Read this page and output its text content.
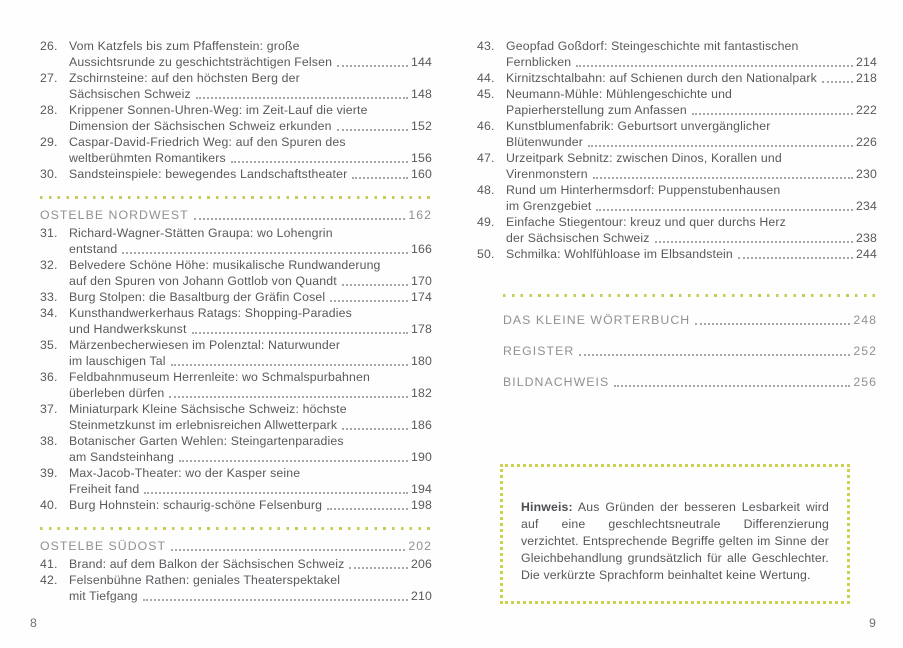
26. Vom Katzfels bis zum Pfaffenstein: große
Aussichtsrunde zu geschichtsträchtigen Felsen	144
27. Zschirnsteine: auf den höchsten Berg der
Sächsischen Schweiz	148
28. Krippener Sonnen-Uhren-Weg: im Zeit-Lauf die vierte
Dimension der Sächsischen Schweiz erkunden	152
29. Caspar-David-Friedrich Weg: auf den Spuren des
weltberühmten Romantikers	156
30. Sandsteinspiele: bewegendes Landschaftstheater	160
OSTELBE NORDWEST	162
31. Richard-Wagner-Stätten Graupa: wo Lohengrin
entstand	166
32. Belvedere Schöne Höhe: musikalische Rundwanderung
auf den Spuren von Johann Gottlob von Quandt	170
33. Burg Stolpen: die Basaltburg der Gräfin Cosel	174
34. Kunsthandwerkerhaus Ratags: Shopping-Paradies
und Handwerkskunst	178
35. Märzenbecherwiesen im Polenztal: Naturwunder
im lauschigen Tal	180
36. Feldbahnmuseum Herrenleite: wo Schmalspurbahnen
überleben dürfen	182
37. Miniaturpark Kleine Sächsische Schweiz: höchste
Steinmetzkunst im erlebnisreichen Allwetterpark	186
38. Botanischer Garten Wehlen: Steingartenparadies
am Sandsteinhang	190
39. Max-Jacob-Theater: wo der Kasper seine
Freiheit fand	194
40. Burg Hohnstein: schaurig-schöne Felsenburg	198
OSTELBE SÜDOST	202
41. Brand: auf dem Balkon der Sächsischen Schweiz	206
42. Felsenbühne Rathen: geniales Theaterspektakel
mit Tiefgang	210
43. Geopfad Goßdorf: Steingeschichte mit fantastischen
Fernblicken	214
44. Kirnitzschtalbahn: auf Schienen durch den Nationalpark	218
45. Neumann-Mühle: Mühlengeschichte und
Papierherstellung zum Anfassen	222
46. Kunstblumenfabrik: Geburtsort unvergänglicher
Blütenwunder	226
47. Urzeitpark Sebnitz: zwischen Dinos, Korallen und
Virenmonstern	230
48. Rund um Hinterhermsdorf: Puppenstubenhausen
im Grenzgebiet	234
49. Einfache Stiegentour: kreuz und quer durchs Herz
der Sächsischen Schweiz	238
50. Schmilka: Wohlfühloase im Elbsandstein	244
DAS KLEINE WÖRTERBUCH	248
REGISTER	252
BILDNACHWEIS	256

Hinweis: Aus Gründen der besseren Lesbarkeit wird auf eine geschlechtsneutrale Differenzierung verzichtet. Entsprechende Begriffe gelten im Sinne der Gleichbehandlung grundsätzlich für alle Geschlechter. Die verkürzte Sprachform beinhaltet keine Wertung.

8	9
